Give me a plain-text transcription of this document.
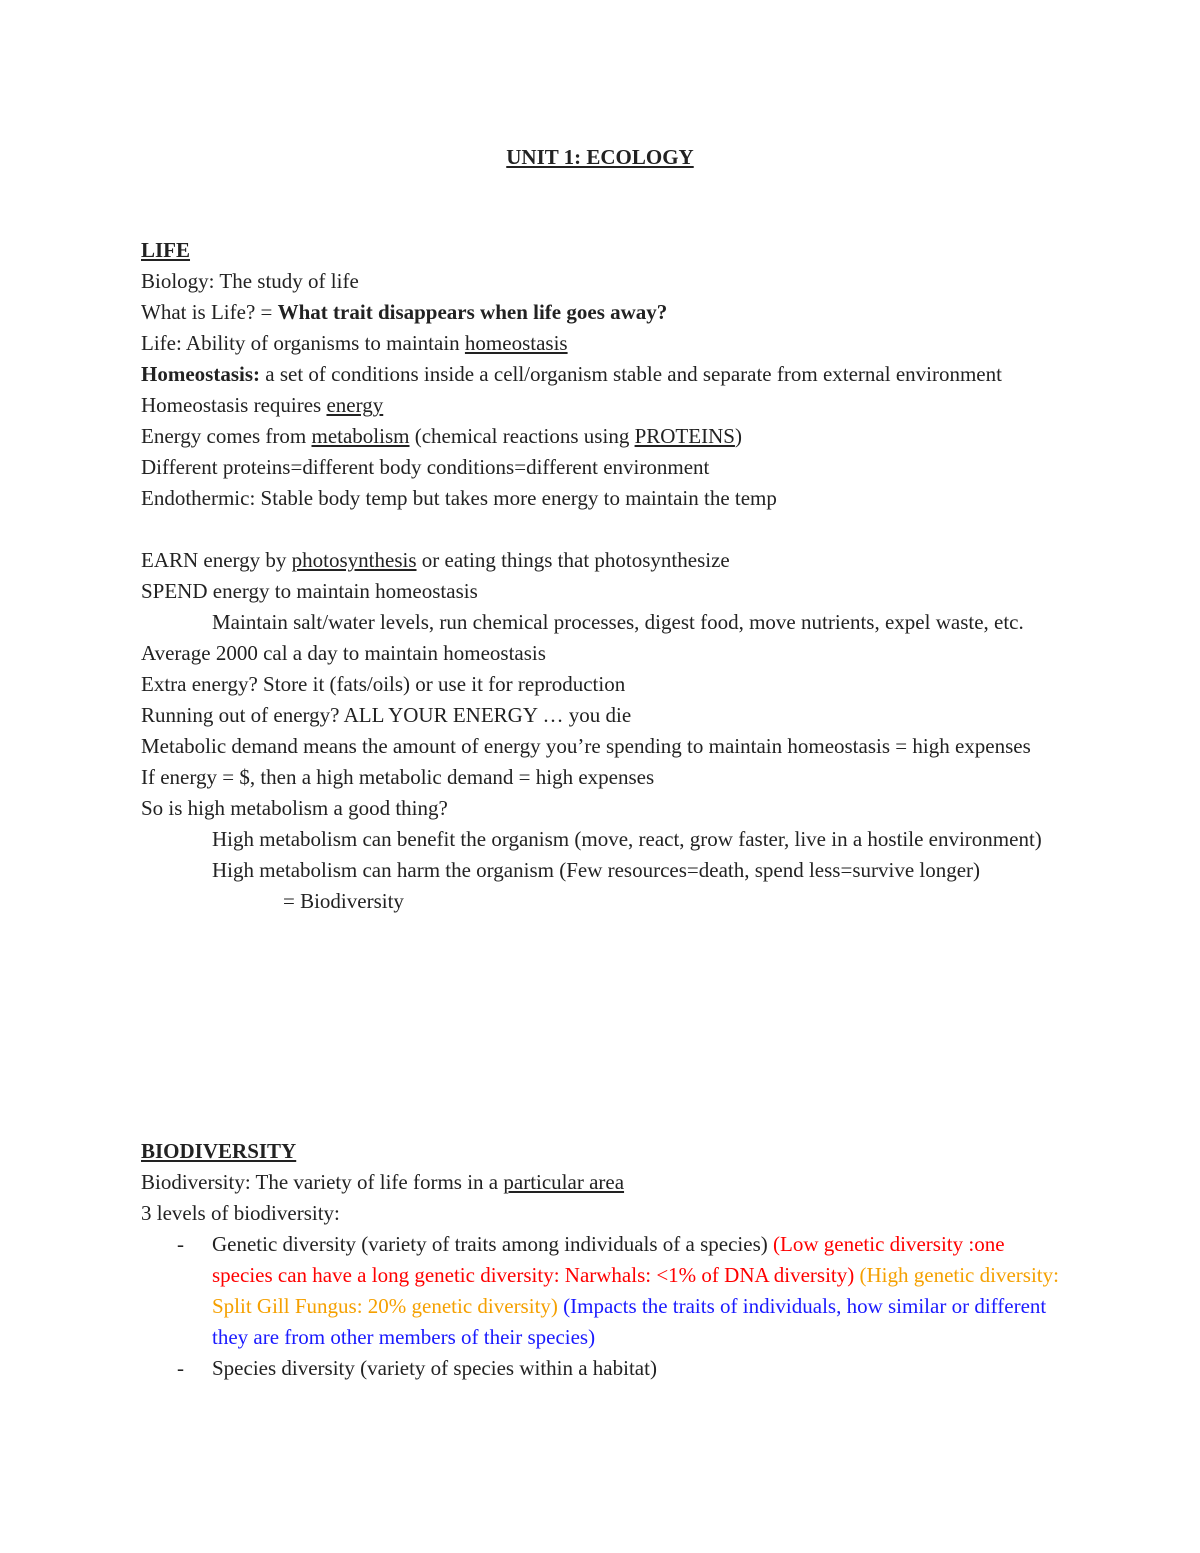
UNIT 1: ECOLOGY

LIFE

Biology: The study of life

What is Life? = What trait disappears when life goes away?

Life: Ability of organisms to maintain homeostasis

Homeostasis: a set of conditions inside a cell/organism stable and separate from external environment

Homeostasis requires energy

Energy comes from metabolism (chemical reactions using PROTEINS)

Different proteins=different body conditions=different environment

Endothermic: Stable body temp but takes more energy to maintain the temp

EARN energy by photosynthesis or eating things that photosynthesize

SPEND energy to maintain homeostasis

Maintain salt/water levels, run chemical processes, digest food, move nutrients, expel waste, etc.

Average 2000 cal a day to maintain homeostasis

Extra energy? Store it (fats/oils) or use it for reproduction

Running out of energy? ALL YOUR ENERGY … you die

Metabolic demand means the amount of energy you’re spending to maintain homeostasis = high expenses

If energy = $, then a high metabolic demand = high expenses

So is high metabolism a good thing?

High metabolism can benefit the organism (move, react, grow faster, live in a hostile environment)

High metabolism can harm the organism (Few resources=death, spend less=survive longer)

= Biodiversity

BIODIVERSITY

Biodiversity: The variety of life forms in a particular area

3 levels of biodiversity:

- Genetic diversity (variety of traits among individuals of a species) (Low genetic diversity :one species can have a long genetic diversity: Narwhals: <1% of DNA diversity) (High genetic diversity: Split Gill Fungus: 20% genetic diversity) (Impacts the traits of individuals, how similar or different they are from other members of their species)
- Species diversity (variety of species within a habitat)
